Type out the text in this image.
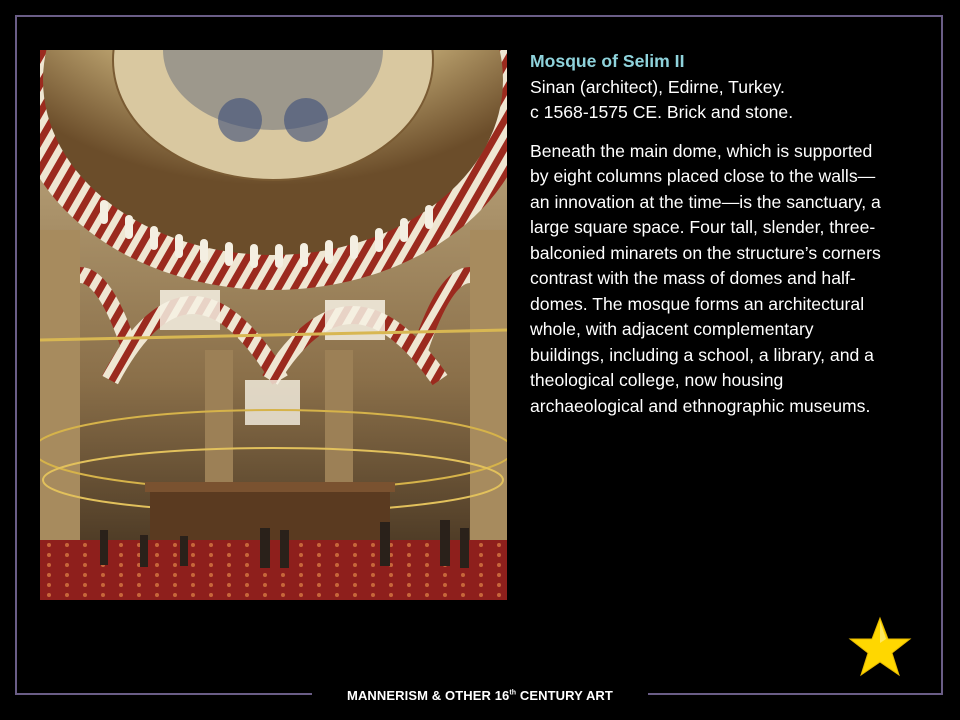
Mosque of Selim II

Sinan (architect), Edirne, Turkey.

c 1568-1575 CE. Brick and stone.

Beneath the main dome, which is supported by eight columns placed close to the walls—an innovation at the time—is the sanctuary, a large square space. Four tall, slender, three-balconied minarets on the structure’s corners contrast with the mass of domes and half-domes. The mosque forms an architectural whole, with adjacent complementary buildings, including a school, a library, and a theological college, now housing archaeological and ethnographic museums.

MANNERISM & OTHER 16th CENTURY ART
